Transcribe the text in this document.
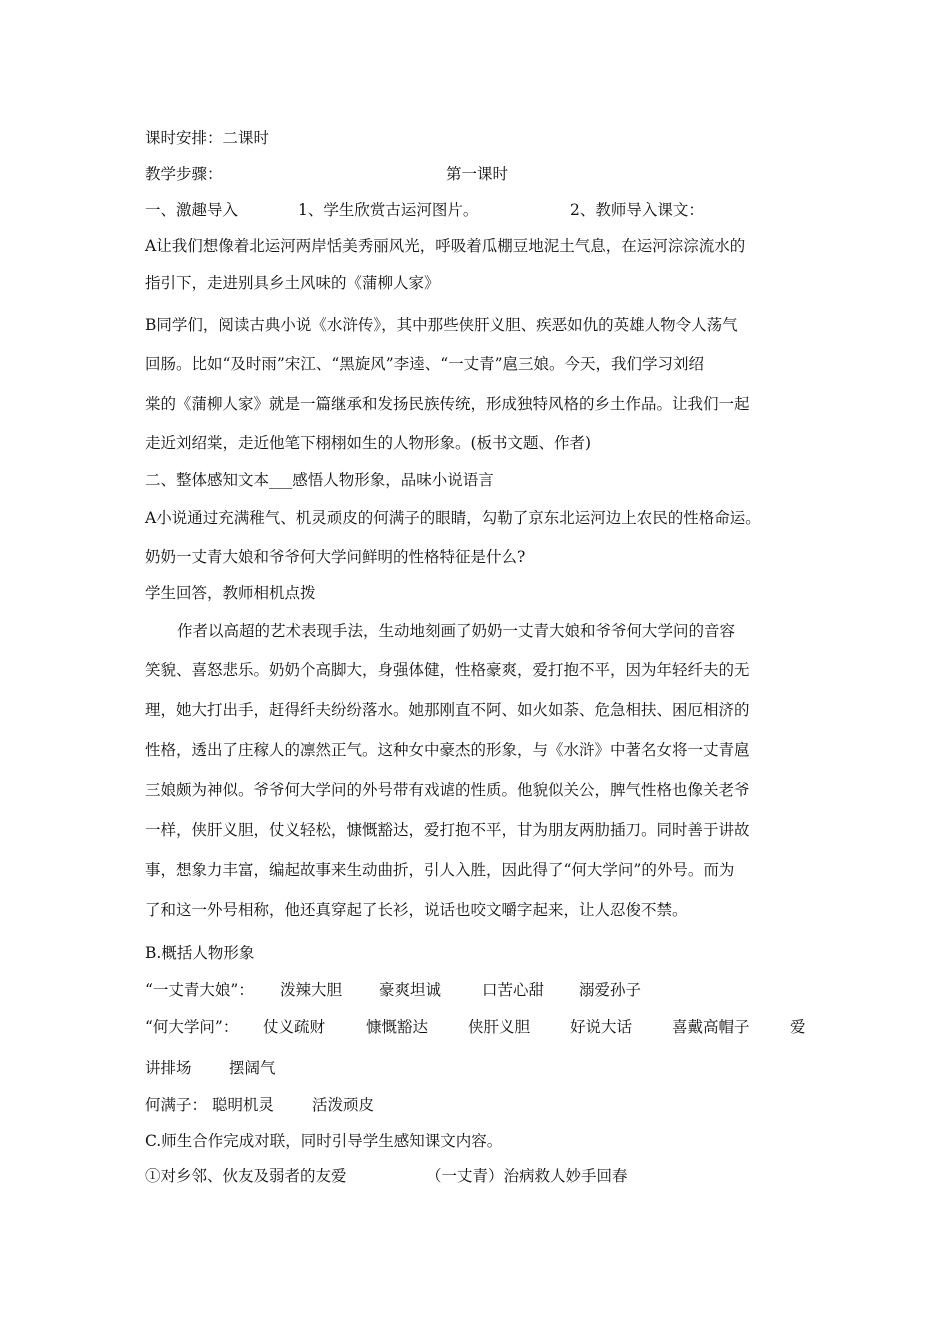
课时安排：二课时
教学步骤：	第一课时
一、激趣导入	1、学生欣赏古运河图片。	2、教师导入课文：
A让我们想像着北运河两岸恬美秀丽风光，呼吸着瓜棚豆地泥土气息，在运河淙淙流水的
指引下，走进别具乡土风味的《蒲柳人家》
B同学们，阅读古典小说《水浒传》，其中那些侠肝义胆、疾恶如仇的英雄人物令人荡气
回肠。比如“及时雨”宋江、“黑旋风”李逵、“一丈青”扈三娘。今天，我们学习刘绍
棠的《蒲柳人家》就是一篇继承和发扬民族传统，形成独特风格的乡土作品。让我们一起
走近刘绍棠，走近他笔下栩栩如生的人物形象。(板书文题、作者)
二、整体感知文本___感悟人物形象，品味小说语言
A小说通过充满稚气、机灵顽皮的何满子的眼睛，勾勒了京东北运河边上农民的性格命运。
奶奶一丈青大娘和爷爷何大学问鲜明的性格特征是什么?
学生回答，教师相机点拨
作者以高超的艺术表现手法，生动地刻画了奶奶一丈青大娘和爷爷何大学问的音容
笑貌、喜怒悲乐。奶奶个高脚大，身强体健，性格豪爽，爱打抱不平，因为年轻纤夫的无
理，她大打出手，赶得纤夫纷纷落水。她那刚直不阿、如火如荼、危急相扶、困厄相济的
性格，透出了庄稼人的凛然正气。这种女中豪杰的形象，与《水浒》中著名女将一丈青扈
三娘颇为神似。爷爷何大学问的外号带有戏谑的性质。他貌似关公，脾气性格也像关老爷
一样，侠肝义胆，仗义轻松，慷慨豁达，爱打抱不平，甘为朋友两肋插刀。同时善于讲故
事，想象力丰富，编起故事来生动曲折，引人入胜，因此得了“何大学问”的外号。而为
了和这一外号相称，他还真穿起了长衫，说话也咬文嚼字起来，让人忍俊不禁。
B.概括人物形象
“一丈青大娘”： 泼辣大胆 豪爽坦诚	口苦心甜 溺爱孙子
“何大学问”： 仗义疏财	慷慨豁达	侠肝义胆	好说大话	喜戴高帽子	爱
讲排场 摆阔气
何满子： 聪明机灵 活泼顽皮
C.师生合作完成对联，同时引导学生感知课文内容。
①对乡邻、伙友及弱者的友爱	（一丈青）治病救人妙手回春
